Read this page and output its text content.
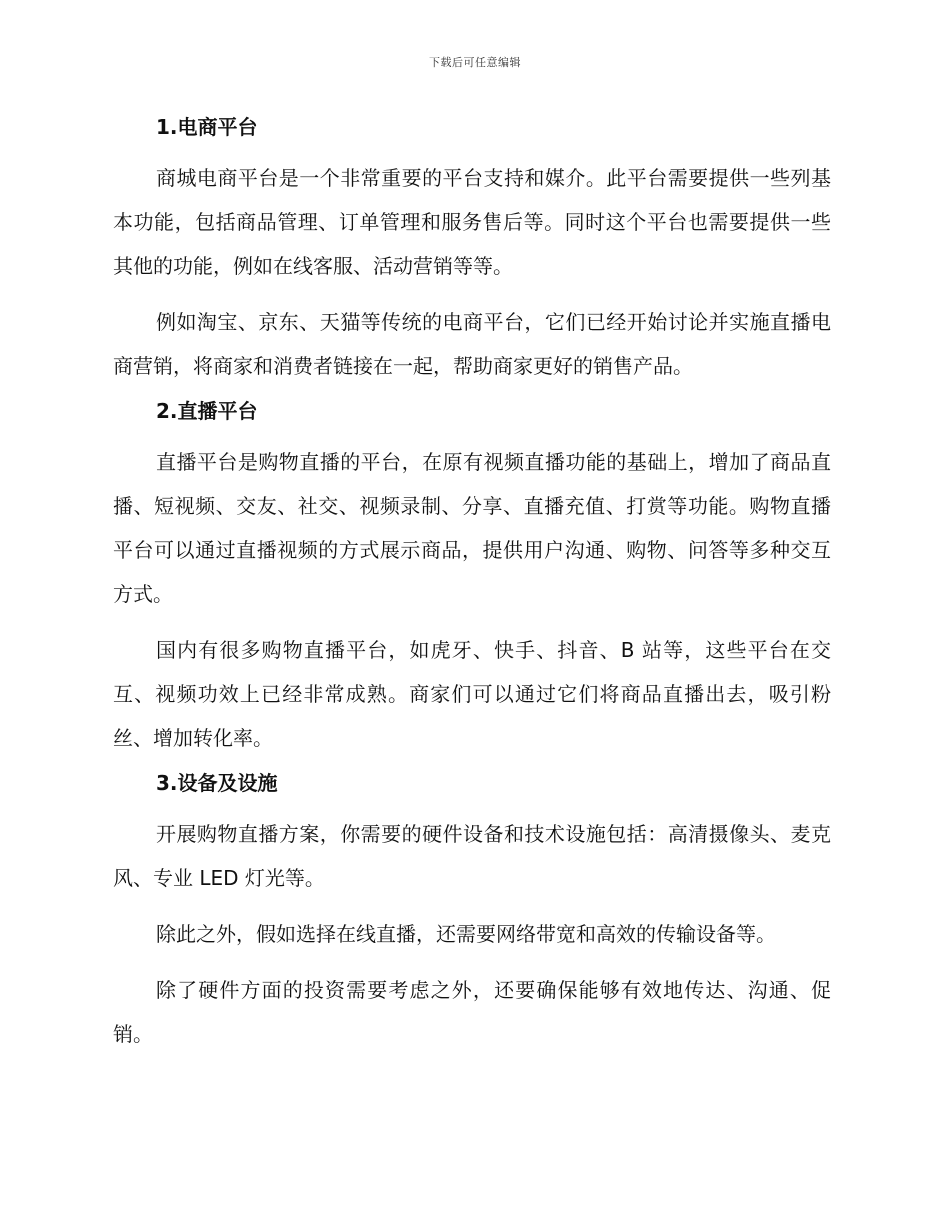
下载后可任意编辑
1.电商平台

商城电商平台是一个非常重要的平台支持和媒介。此平台需要提供一些列基本功能，包括商品管理、订单管理和服务售后等。同时这个平台也需要提供一些其他的功能，例如在线客服、活动营销等等。

例如淘宝、京东、天猫等传统的电商平台，它们已经开始讨论并实施直播电商营销，将商家和消费者链接在一起，帮助商家更好的销售产品。

2.直播平台

直播平台是购物直播的平台，在原有视频直播功能的基础上，增加了商品直播、短视频、交友、社交、视频录制、分享、直播充值、打赏等功能。购物直播平台可以通过直播视频的方式展示商品，提供用户沟通、购物、问答等多种交互方式。

国内有很多购物直播平台，如虎牙、快手、抖音、B 站等，这些平台在交互、视频功效上已经非常成熟。商家们可以通过它们将商品直播出去，吸引粉丝、增加转化率。

3.设备及设施

开展购物直播方案，你需要的硬件设备和技术设施包括：高清摄像头、麦克风、专业 LED 灯光等。

除此之外，假如选择在线直播，还需要网络带宽和高效的传输设备等。

除了硬件方面的投资需要考虑之外，还要确保能够有效地传达、沟通、促销。
